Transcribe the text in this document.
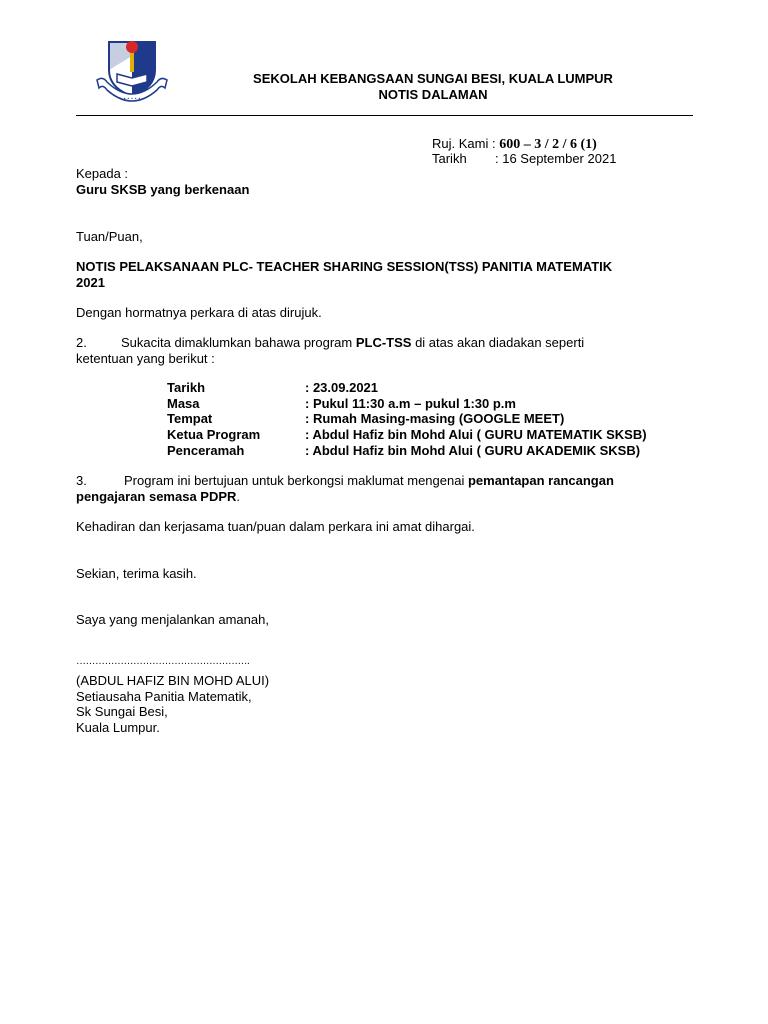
• • • • • • •
SEKOLAH KEBANGSAAN SUNGAI BESI, KUALA LUMPUR
NOTIS DALAMAN
Ruj. Kami : 600 – 3 / 2 / 6 (1)
Tarikh : 16 September 2021
Kepada :
Guru SKSB yang berkenaan
Tuan/Puan,
NOTIS PELAKSANAAN PLC- TEACHER SHARING SESSION(TSS) PANITIA MATEMATIK
2021
Dengan hormatnya perkara di atas dirujuk.
2.	Sukacita dimaklumkan bahawa program PLC-TSS di atas akan diadakan seperti
ketentuan yang berikut :
Tarikh	: 23.09.2021
Masa	: Pukul 11:30 a.m – pukul 1:30 p.m
Tempat	: Rumah Masing-masing (GOOGLE MEET)
Ketua Program	: Abdul Hafiz bin Mohd Alui ( GURU MATEMATIK SKSB)
Penceramah	: Abdul Hafiz bin Mohd Alui ( GURU AKADEMIK SKSB)
3.	Program ini bertujuan untuk berkongsi maklumat mengenai pemantapan rancangan
pengajaran semasa PDPR.
Kehadiran dan kerjasama tuan/puan dalam perkara ini amat dihargai.
Sekian, terima kasih.
Saya yang menjalankan amanah,
……………………………………………….
(ABDUL HAFIZ BIN MOHD ALUI)
Setiausaha Panitia Matematik,
Sk Sungai Besi,
Kuala Lumpur.
